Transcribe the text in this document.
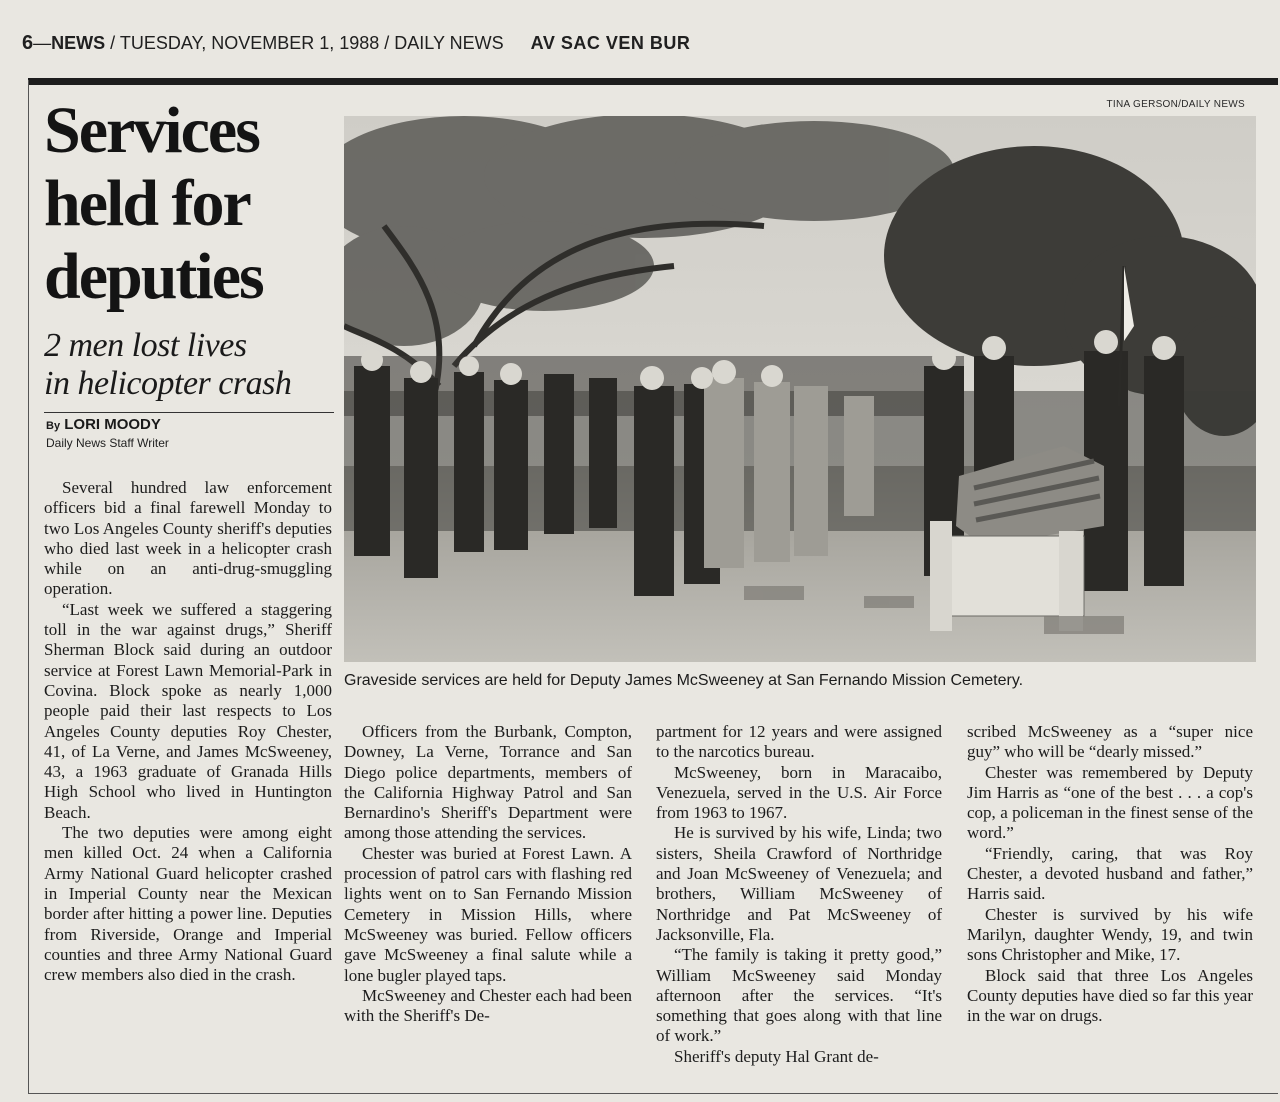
6—NEWS / TUESDAY, NOVEMBER 1, 1988 / DAILY NEWS AV SAC VEN BUR
Services
held for
deputies
2 men lost lives
in helicopter crash
By LORI MOODY
Daily News Staff Writer

Several hundred law enforcement officers bid a final farewell Monday to two Los Angeles County sheriff's deputies who died last week in a helicopter crash while on an anti-drug-smuggling operation.

“Last week we suffered a staggering toll in the war against drugs,” Sheriff Sherman Block said during an outdoor service at Forest Lawn Memorial-Park in Covina. Block spoke as nearly 1,000 people paid their last respects to Los Angeles County deputies Roy Chester, 41, of La Verne, and James McSweeney, 43, a 1963 graduate of Granada Hills High School who lived in Huntington Beach.

The two deputies were among eight men killed Oct. 24 when a California Army National Guard helicopter crashed in Imperial County near the Mexican border after hitting a power line. Deputies from Riverside, Orange and Imperial counties and three Army National Guard crew members also died in the crash.

TINA GERSON/DAILY NEWS
Graveside services are held for Deputy James McSweeney at San Fernando Mission Cemetery.

Officers from the Burbank, Compton, Downey, La Verne, Torrance and San Diego police departments, members of the California Highway Patrol and San Bernardino's Sheriff's Department were among those attending the services.

Chester was buried at Forest Lawn. A procession of patrol cars with flashing red lights went on to San Fernando Mission Cemetery in Mission Hills, where McSweeney was buried. Fellow officers gave McSweeney a final salute while a lone bugler played taps.

McSweeney and Chester each had been with the Sheriff's De-

partment for 12 years and were assigned to the narcotics bureau.

McSweeney, born in Maracaibo, Venezuela, served in the U.S. Air Force from 1963 to 1967.

He is survived by his wife, Linda; two sisters, Sheila Crawford of Northridge and Joan McSweeney of Venezuela; and brothers, William McSweeney of Northridge and Pat McSweeney of Jacksonville, Fla.

“The family is taking it pretty good,” William McSweeney said Monday afternoon after the services. “It's something that goes along with that line of work.”

Sheriff's deputy Hal Grant de-

scribed McSweeney as a “super nice guy” who will be “dearly missed.”

Chester was remembered by Deputy Jim Harris as “one of the best . . . a cop's cop, a policeman in the finest sense of the word.”

“Friendly, caring, that was Roy Chester, a devoted husband and father,” Harris said.

Chester is survived by his wife Marilyn, daughter Wendy, 19, and twin sons Christopher and Mike, 17.

Block said that three Los Angeles County deputies have died so far this year in the war on drugs.
